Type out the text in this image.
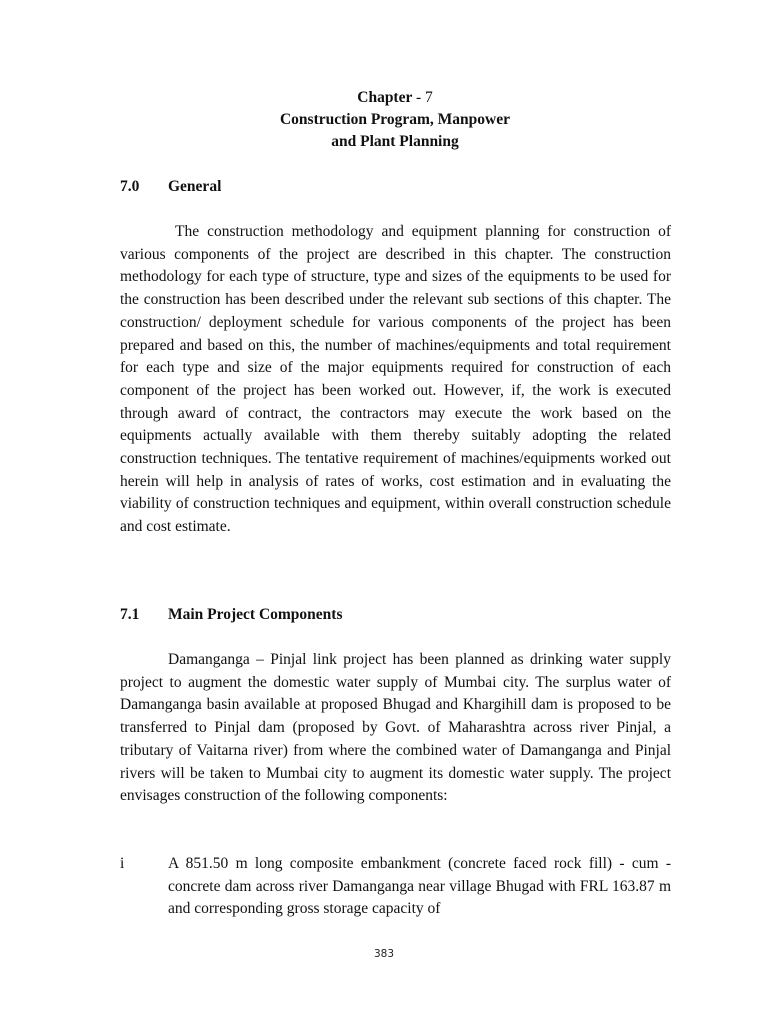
Chapter - 7
Construction Program, Manpower
and Plant Planning
7.0 General

The construction methodology and equipment planning for construction of various components of the project are described in this chapter. The construction methodology for each type of structure, type and sizes of the equipments to be used for the construction has been described under the relevant sub sections of this chapter. The construction/ deployment schedule for various components of the project has been prepared and based on this, the number of machines/equipments and total requirement for each type and size of the major equipments required for construction of each component of the project has been worked out. However, if, the work is executed through award of contract, the contractors may execute the work based on the equipments actually available with them thereby suitably adopting the related construction techniques. The tentative requirement of machines/equipments worked out herein will help in analysis of rates of works, cost estimation and in evaluating the viability of construction techniques and equipment, within overall construction schedule and cost estimate.

7.1 Main Project Components

Damanganga – Pinjal link project has been planned as drinking water supply project to augment the domestic water supply of Mumbai city. The surplus water of Damanganga basin available at proposed Bhugad and Khargihill dam is proposed to be transferred to Pinjal dam (proposed by Govt. of Maharashtra across river Pinjal, a tributary of Vaitarna river) from where the combined water of Damanganga and Pinjal rivers will be taken to Mumbai city to augment its domestic water supply. The project envisages construction of the following components:

i	A 851.50 m long composite embankment (concrete faced rock fill) - cum - concrete dam across river Damanganga near village Bhugad with FRL 163.87 m and corresponding gross storage capacity of
383
